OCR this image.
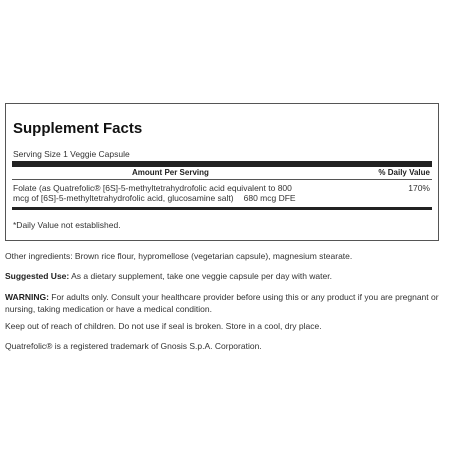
Supplement Facts
Serving Size 1 Veggie Capsule
Amount Per Serving	% Daily Value
Folate (as Quatrefolic® [6S]-5-methyltetrahydrofolic acid equivalent to 800
mcg of [6S]-5-methyltetrahydrofolic acid, glucosamine salt) 680 mcg DFE
170%
*Daily Value not established.
Other ingredients: Brown rice flour, hypromellose (vegetarian capsule), magnesium stearate.
Suggested Use: As a dietary supplement, take one veggie capsule per day with water.
WARNING: For adults only. Consult your healthcare provider before using this or any product if you are pregnant or nursing, taking medication or have a medical condition.
Keep out of reach of children. Do not use if seal is broken. Store in a cool, dry place.
Quatrefolic® is a registered trademark of Gnosis S.p.A. Corporation.
